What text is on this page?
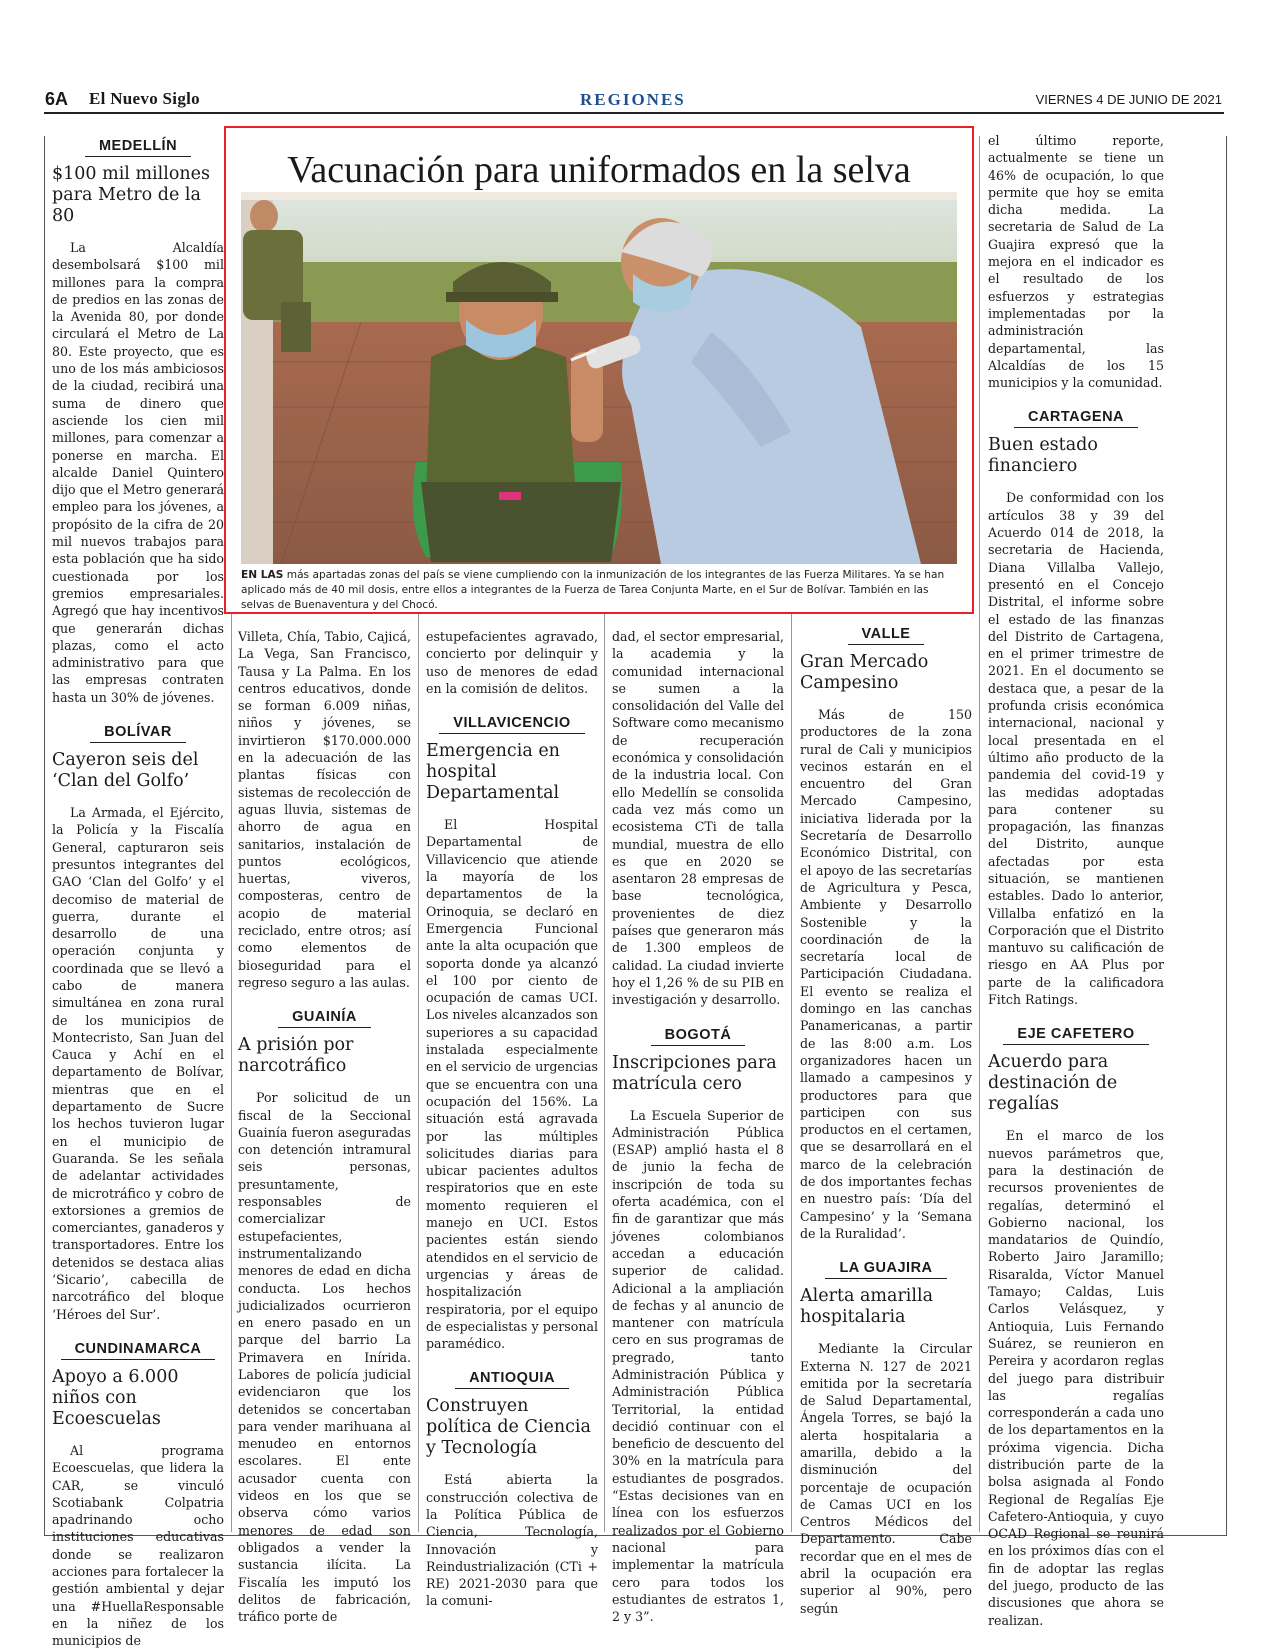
6A El Nuevo Siglo	REGIONES	VIERNES 4 DE JUNIO DE 2021
MEDELLÍN
$100 mil millones para Metro de la 80

La Alcaldía desembolsará $100 mil millones para la compra de predios en las zonas de la Avenida 80, por donde circulará el Metro de La 80. Este proyecto, que es uno de los más ambiciosos de la ciudad, recibirá una suma de dinero que asciende los cien mil millones, para comenzar a ponerse en marcha. El alcalde Daniel Quintero dijo que el Metro generará empleo para los jóvenes, a propósito de la cifra de 20 mil nuevos trabajos para esta población que ha sido cuestionada por los gremios empresariales. Agregó que hay incentivos que generarán dichas plazas, como el acto administrativo para que las empresas contraten hasta un 30% de jóvenes.

BOLÍVAR
Cayeron seis del ‘Clan del Golfo’

La Armada, el Ejército, la Policía y la Fiscalía General, capturaron seis presuntos integrantes del GAO ‘Clan del Golfo’ y el decomiso de material de guerra, durante el desarrollo de una operación conjunta y coordinada que se llevó a cabo de manera simultánea en zona rural de los municipios de Montecristo, San Juan del Cauca y Achí en el departamento de Bolívar, mientras que en el departamento de Sucre los hechos tuvieron lugar en el municipio de Guaranda. Se les señala de adelantar actividades de microtráfico y cobro de extorsiones a gremios de comerciantes, ganaderos y transportadores. Entre los detenidos se destaca alias ‘Sicario’, cabecilla de narcotráfico del bloque ‘Héroes del Sur’.

CUNDINAMARCA
Apoyo a 6.000 niños con Ecoescuelas

Al programa Ecoescuelas, que lidera la CAR, se vinculó Scotiabank Colpatria apadrinando ocho instituciones educativas donde se realizaron acciones para fortalecer la gestión ambiental y dejar una #HuellaResponsable en la niñez de los municipios de

Vacunación para uniformados en la selva
EN LAS más apartadas zonas del país se viene cumpliendo con la inmunización de los integrantes de las Fuerza Militares. Ya se han aplicado más de 40 mil dosis, entre ellos a integrantes de la Fuerza de Tarea Conjunta Marte, en el Sur de Bolívar. También en las selvas de Buenaventura y del Chocó.

Villeta, Chía, Tabio, Cajicá, La Vega, San Francisco, Tausa y La Palma. En los centros educativos, donde se forman 6.009 niñas, niños y jóvenes, se invirtieron $170.000.000 en la adecuación de las plantas físicas con sistemas de recolección de aguas lluvia, sistemas de ahorro de agua en sanitarios, instalación de puntos ecológicos, huertas, viveros, composteras, centro de acopio de material reciclado, entre otros; así como elementos de bioseguridad para el regreso seguro a las aulas.

GUAINÍA
A prisión por narcotráfico

Por solicitud de un fiscal de la Seccional Guainía fueron aseguradas con detención intramural seis personas, presuntamente, responsables de comercializar estupefacientes, instrumentalizando menores de edad en dicha conducta. Los hechos judicializados ocurrieron en enero pasado en un parque del barrio La Primavera en Inírida. Labores de policía judicial evidenciaron que los detenidos se concertaban para vender marihuana al menudeo en entornos escolares. El ente acusador cuenta con videos en los que se observa cómo varios menores de edad son obligados a vender la sustancia ilícita. La Fiscalía les imputó los delitos de fabricación, tráfico porte de

estupefacientes agravado, concierto por delinquir y uso de menores de edad en la comisión de delitos.

VILLAVICENCIO
Emergencia en hospital Departamental

El Hospital Departamental de Villavicencio que atiende la mayoría de los departamentos de la Orinoquia, se declaró en Emergencia Funcional ante la alta ocupación que soporta donde ya alcanzó el 100 por ciento de ocupación de camas UCI. Los niveles alcanzados son superiores a su capacidad instalada especialmente en el servicio de urgencias que se encuentra con una ocupación del 156%. La situación está agravada por las múltiples solicitudes diarias para ubicar pacientes adultos respiratorios que en este momento requieren el manejo en UCI. Estos pacientes están siendo atendidos en el servicio de urgencias y áreas de hospitalización respiratoria, por el equipo de especialistas y personal paramédico.

ANTIOQUIA
Construyen política de Ciencia y Tecnología

Está abierta la construcción colectiva de la Política Pública de Ciencia, Tecnología, Innovación y Reindustrialización (CTi + RE) 2021-2030 para que la comuni-

dad, el sector empresarial, la academia y la comunidad internacional se sumen a la consolidación del Valle del Software como mecanismo de recuperación económica y consolidación de la industria local. Con ello Medellín se consolida cada vez más como un ecosistema CTi de talla mundial, muestra de ello es que en 2020 se asentaron 28 empresas de base tecnológica, provenientes de diez países que generaron más de 1.300 empleos de calidad. La ciudad invierte hoy el 1,26 % de su PIB en investigación y desarrollo.

BOGOTÁ
Inscripciones para matrícula cero

La Escuela Superior de Administración Pública (ESAP) amplió hasta el 8 de junio la fecha de inscripción de toda su oferta académica, con el fin de garantizar que más jóvenes colombianos accedan a educación superior de calidad. Adicional a la ampliación de fechas y al anuncio de mantener con matrícula cero en sus programas de pregrado, tanto Administración Pública y Administración Pública Territorial, la entidad decidió continuar con el beneficio de descuento del 30% en la matrícula para estudiantes de posgrados. “Estas decisiones van en línea con los esfuerzos realizados por el Gobierno nacional para implementar la matrícula cero para todos los estudiantes de estratos 1, 2 y 3”.

VALLE
Gran Mercado Campesino

Más de 150 productores de la zona rural de Cali y municipios vecinos estarán en el encuentro del Gran Mercado Campesino, iniciativa liderada por la Secretaría de Desarrollo Económico Distrital, con el apoyo de las secretarías de Agricultura y Pesca, Ambiente y Desarrollo Sostenible y la coordinación de la secretaría local de Participación Ciudadana. El evento se realiza el domingo en las canchas Panamericanas, a partir de las 8:00 a.m. Los organizadores hacen un llamado a campesinos y productores para que participen con sus productos en el certamen, que se desarrollará en el marco de la celebración de dos importantes fechas en nuestro país: ‘Día del Campesino’ y la ‘Semana de la Ruralidad’.

LA GUAJIRA
Alerta amarilla hospitalaria

Mediante la Circular Externa N. 127 de 2021 emitida por la secretaría de Salud Departamental, Ángela Torres, se bajó la alerta hospitalaria a amarilla, debido a la disminución del porcentaje de ocupación de Camas UCI en los Centros Médicos del Departamento. Cabe recordar que en el mes de abril la ocupación era superior al 90%, pero según

el último reporte, actualmente se tiene un 46% de ocupación, lo que permite que hoy se emita dicha medida. La secretaria de Salud de La Guajira expresó que la mejora en el indicador es el resultado de los esfuerzos y estrategias implementadas por la administración departamental, las Alcaldías de los 15 municipios y la comunidad.

CARTAGENA
Buen estado financiero

De conformidad con los artículos 38 y 39 del Acuerdo 014 de 2018, la secretaria de Hacienda, Diana Villalba Vallejo, presentó en el Concejo Distrital, el informe sobre el estado de las finanzas del Distrito de Cartagena, en el primer trimestre de 2021. En el documento se destaca que, a pesar de la profunda crisis económica internacional, nacional y local presentada en el último año producto de la pandemia del covid-19 y las medidas adoptadas para contener su propagación, las finanzas del Distrito, aunque afectadas por esta situación, se mantienen estables. Dado lo anterior, Villalba enfatizó en la Corporación que el Distrito mantuvo su calificación de riesgo en AA Plus por parte de la calificadora Fitch Ratings.

EJE CAFETERO
Acuerdo para destinación de regalías

En el marco de los nuevos parámetros que, para la destinación de recursos provenientes de regalías, determinó el Gobierno nacional, los mandatarios de Quindío, Roberto Jairo Jaramillo; Risaralda, Víctor Manuel Tamayo; Caldas, Luis Carlos Velásquez, y Antioquia, Luis Fernando Suárez, se reunieron en Pereira y acordaron reglas del juego para distribuir las regalías corresponderán a cada uno de los departamentos en la próxima vigencia. Dicha distribución parte de la bolsa asignada al Fondo Regional de Regalías Eje Cafetero-Antioquia, y cuyo OCAD Regional se reunirá en los próximos días con el fin de adoptar las reglas del juego, producto de las discusiones que ahora se realizan.
